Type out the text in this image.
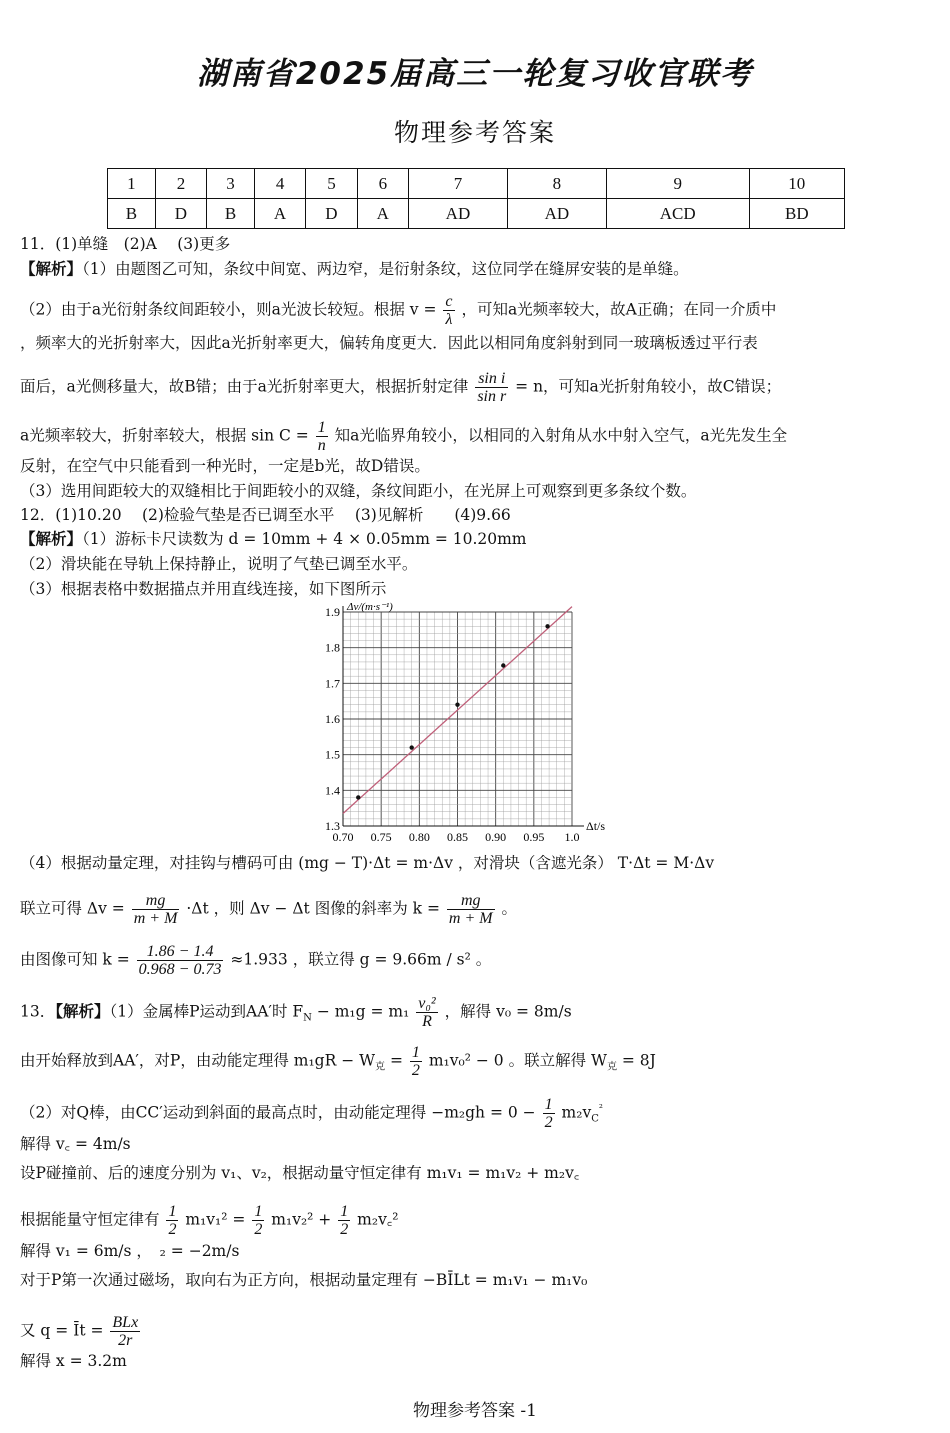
湖南省2025届高三一轮复习收官联考
物理参考答案
1	2	3	4	5	6	7	8	9	10
B	D	B	A	D	A	AD	AD	ACD	BD
11．(1)单缝　(2)A　 (3)更多
【解析】（1）由题图乙可知，条纹中间宽、两边窄，是衍射条纹，这位同学在缝屏安装的是单缝。
（2）由于a光衍射条纹间距较小，则a光波长较短。根据 $v = \frac{c}{\lambda}$ ，可知a光频率较大，故A正确；在同一介质中
，频率大的光折射率大，因此a光折射率更大，偏转角度更大．因此以相同角度斜射到同一玻璃板透过平行表
面后，a光侧移量大，故B错；由于a光折射率更大，根据折射定律 $\frac{\text{sin i}}{\text{sin r}} = n$，可知a光折射角较小，故C错误；
a光频率较大，折射率较大，根据 $\sin C = \frac{1}{n}$ 知a光临界角较小，以相同的入射角从水中射入空气，a光先发生全
反射，在空气中只能看到一种光时，一定是b光，故D错误。
（3）选用间距较大的双缝相比于间距较小的双缝，条纹间距小，在光屏上可观察到更多条纹个数。
12．(1)10.20　 (2)检验气垫是否已调至水平　 (3)见解析　　(4)9.66
【解析】（1）游标卡尺读数为 d = 10mm + 4 × 0.05mm = 10.20mm
（2）滑块能在导轨上保持静止，说明了气垫已调至水平。
（3）根据表格中数据描点并用直线连接，如下图所示
0.70 0.75 0.80 0.85 0.90 0.95 1.0
1.3
1.4
1.5
1.6
1.7
1.8
1.9 Δv/(m·s⁻¹)
Δt/s
（4）根据动量定理，对挂钩与槽码可由 (mg − T)·Δt = m·Δv ，对滑块（含遮光条） T·Δt = M·Δv
联立可得 $\Delta v = \frac{mg}{m + M} \cdot\Delta t$ ，则 Δv − Δt 图像的斜率为 $k = \frac{mg}{m + M}$ 。
由图像可知 $k = \frac{1.86 - 1.4}{0.968 - 0.73} \approx 1.933$ ，联立得 g = 9.66m / s² 。
13．【解析】（1）金属棒P运动到AA′时 $F_N - m_1g = m_1 \frac{\text{v₀²}}{R}$ ，解得 v₀ = 8m/s
由开始释放到AA′，对P，由动能定理得 $m_1gR - W_克 = \frac{1}{2} m_1v_0^2 - 0$ 。联立解得 $W_克 = 8J$
（2）对Q棒，由CC′运动到斜面的最高点时，由动能定理得 $-m_2gh = 0 - \frac{1}{2} m_2v_C^{^2}$
解得 v꜀ = 4m/s
设P碰撞前、后的速度分别为 v₁、v₂，根据动量守恒定律有 m₁v₁ = m₁v₂ + m₂v꜀
根据能量守恒定律有 $\frac{1}{2} m_1v_1^2 = \frac{1}{2} m_1v_2^2 + \frac{1}{2}$ m₂v꜀²
解得 v₁ = 6m/s ，　₂ = −2m/s
对于P第一次通过磁场，取向右为正方向，根据动量定理有 −BĪLt = m₁v₁ − m₁v₀
又 q = Īt = $\frac{\text{BLx}}{2r}$
解得 x = 3.2m
物理参考答案 -1
